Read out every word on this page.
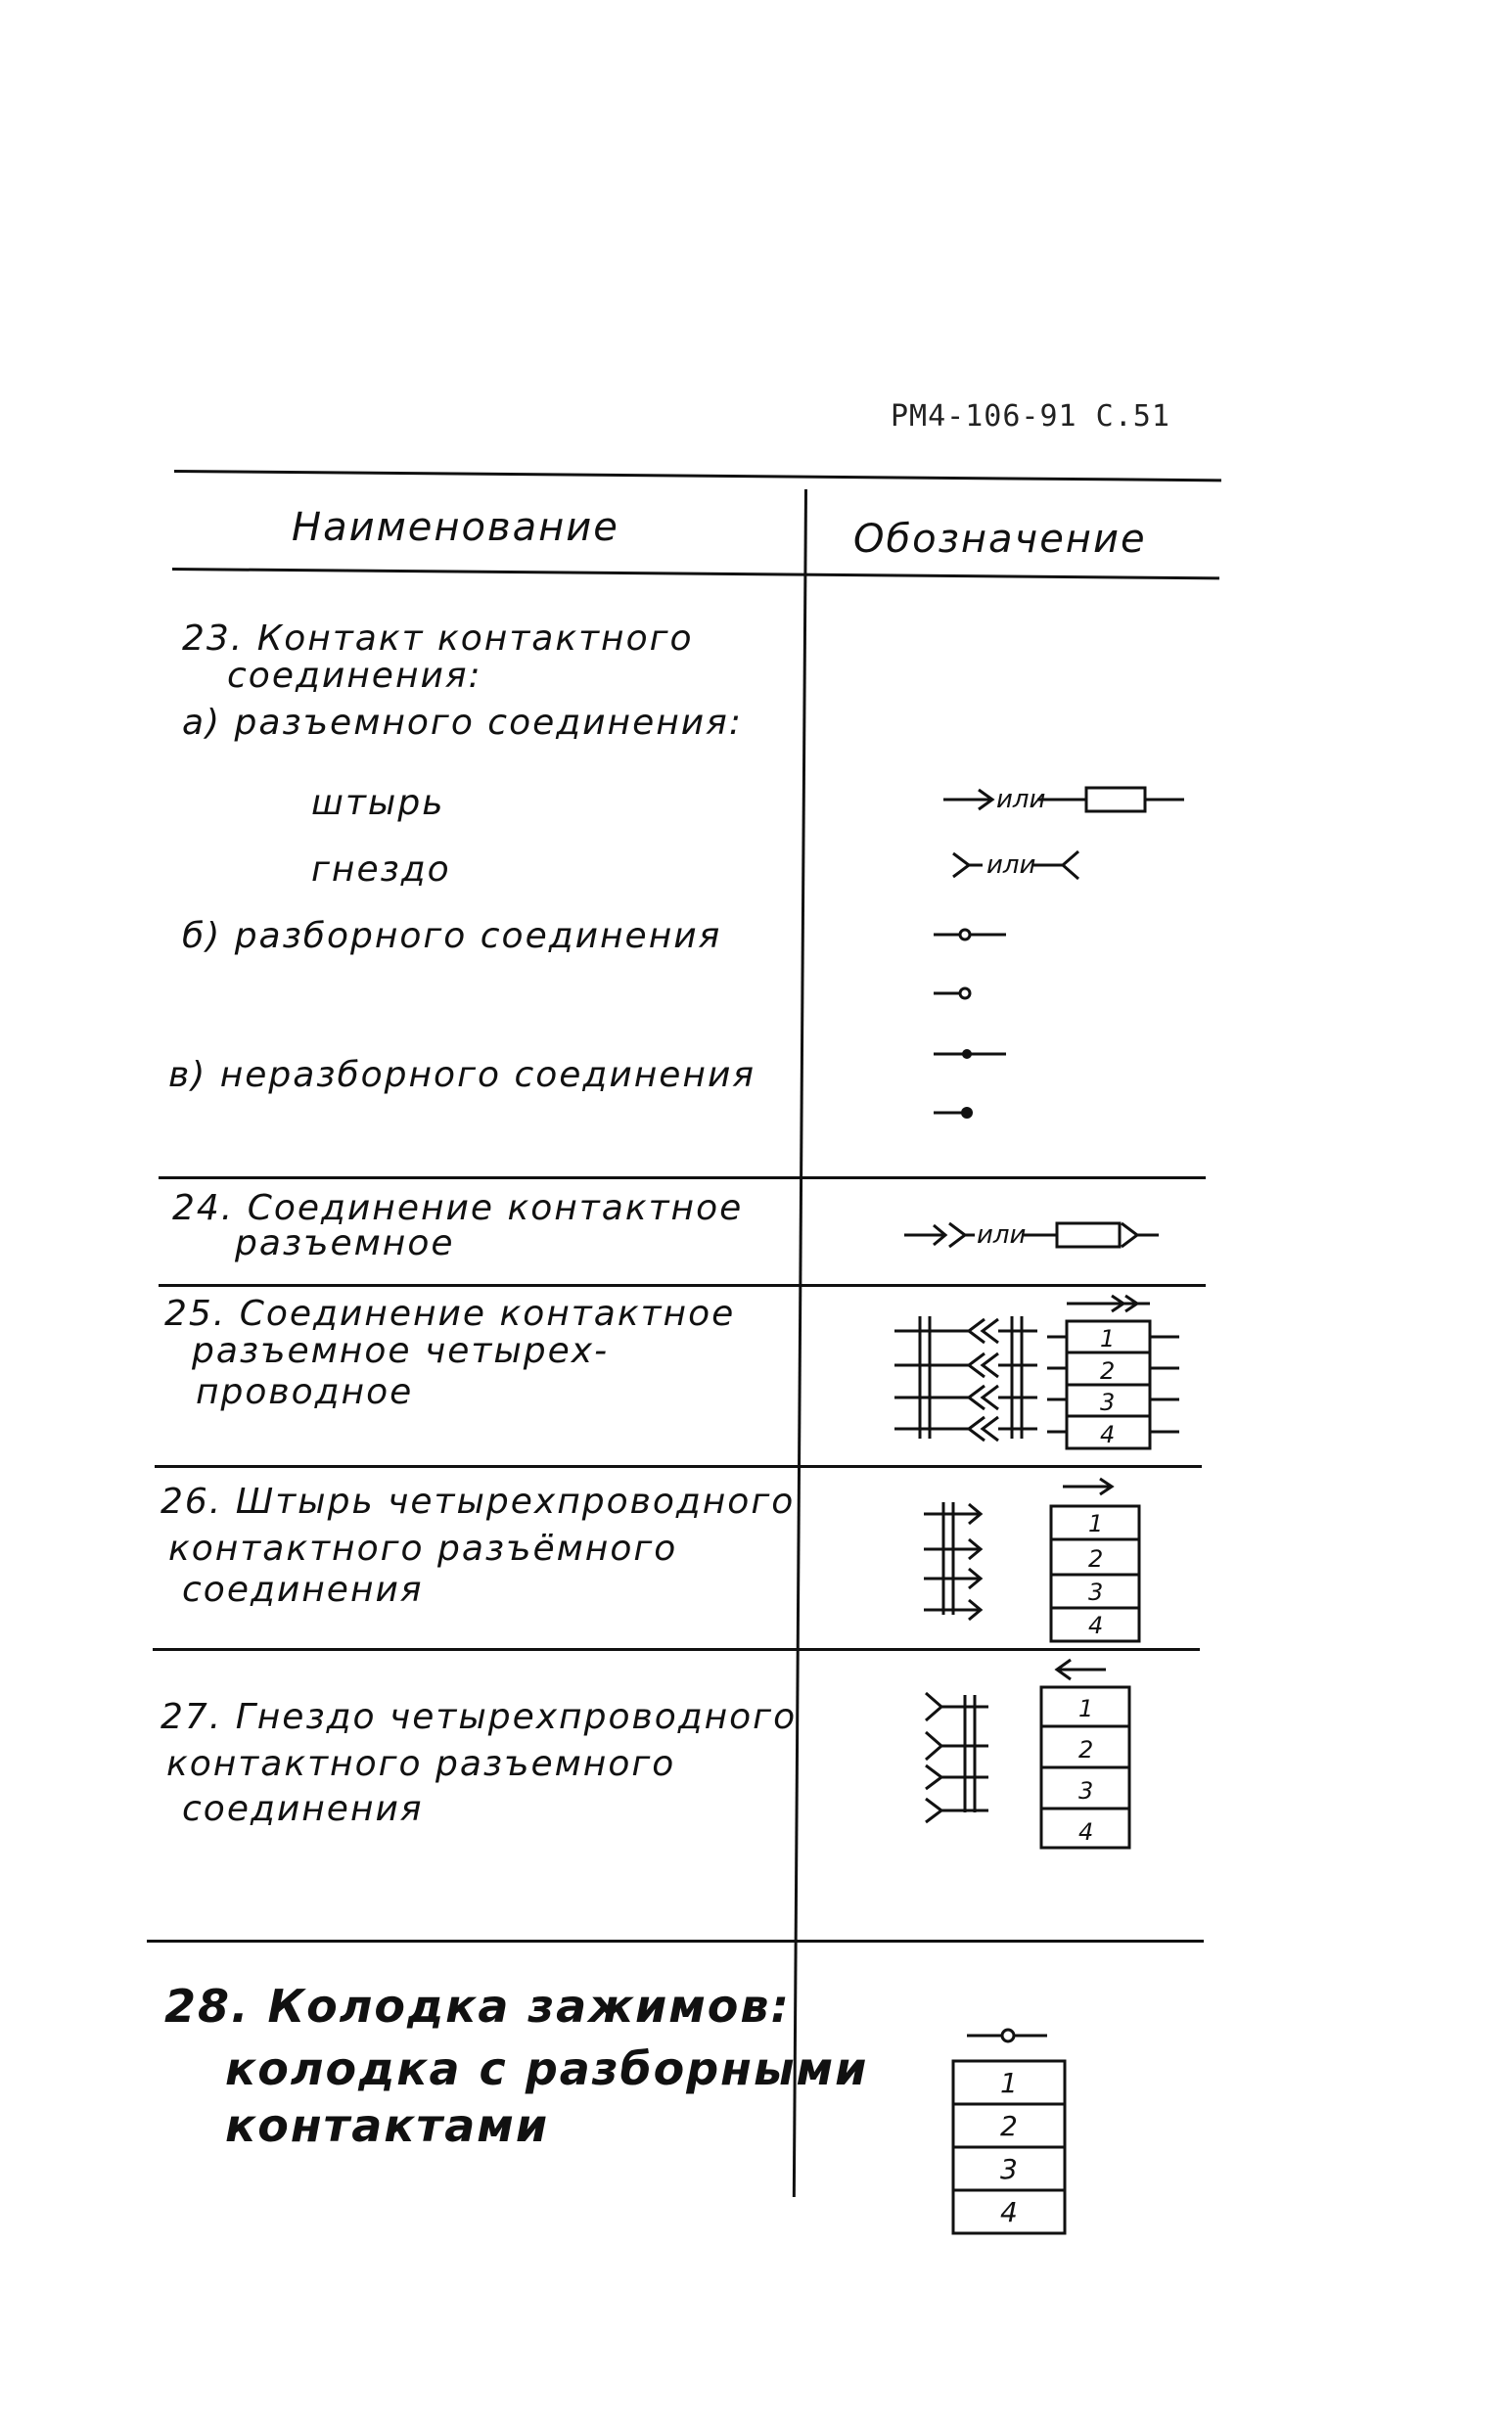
РМ4-106-91 С.51
Наименование	Обозначение
23. Контакт контактного
соединения:
а) разъемного соединения:
штырь
гнездо
б) разборного соединения
в) неразборного соединения
или
или
24. Соединение контактное
разъемное	или
25. Соединение контактное
разъемное четырех-
проводное
1
2
3
4
26. Штырь четырехпроводного
контактного разъёмного
соединения
1
2
3
4
27. Гнездо четырехпроводного
контактного разъемного
соединения
1
2
3
4
28. Колодка зажимов:
колодка с разборными
контактами
1
2
3
4
